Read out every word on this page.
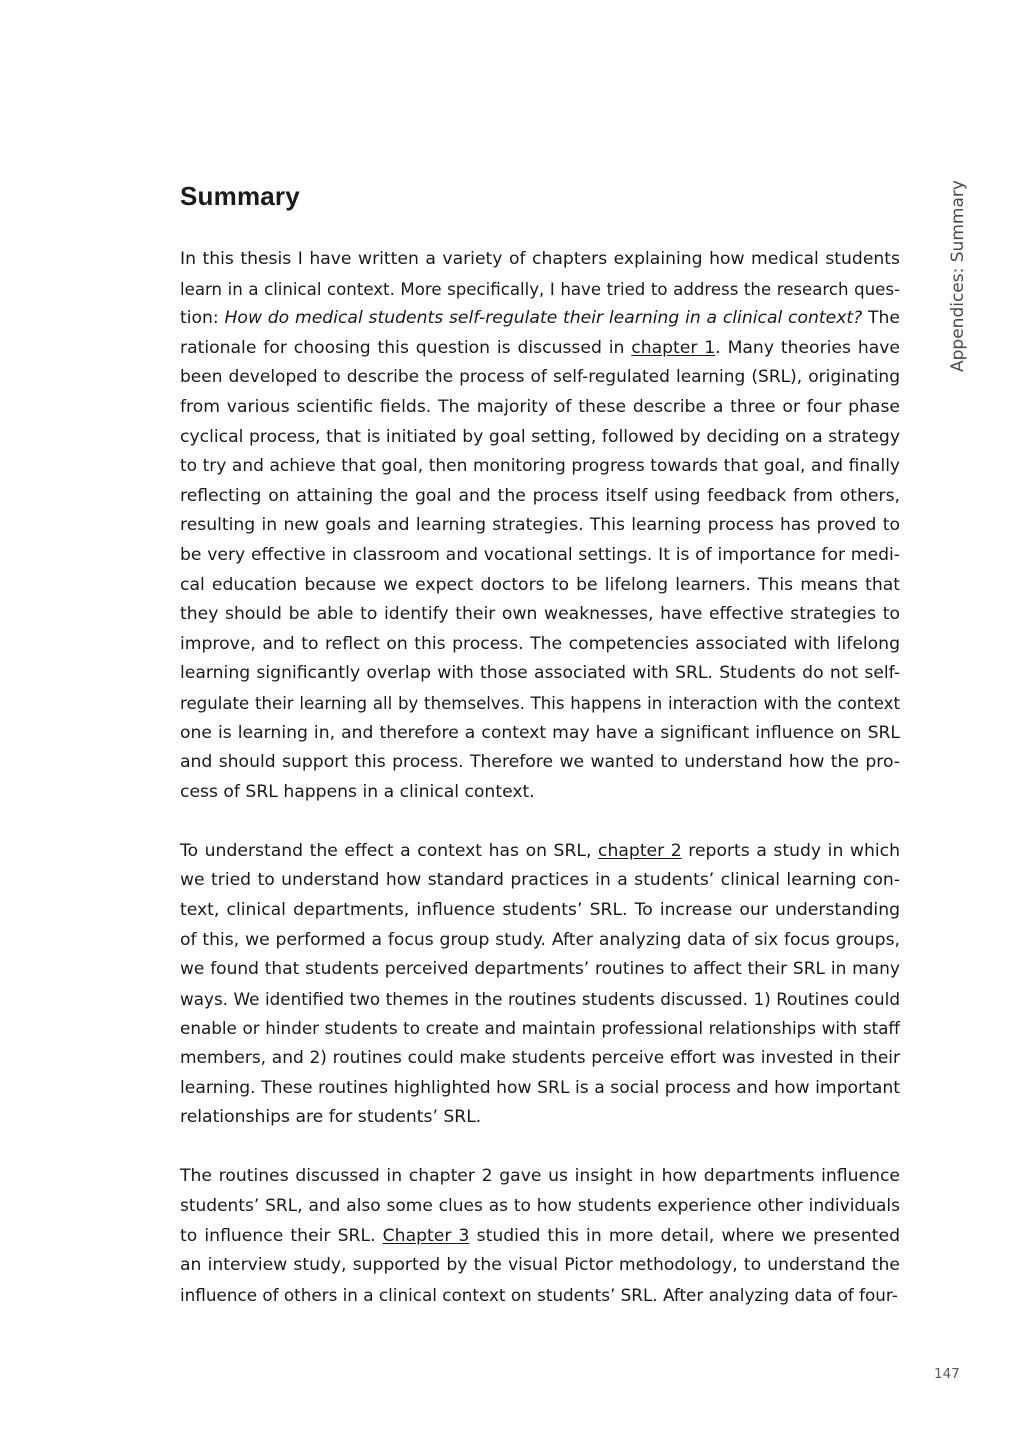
Summary	Appendices: Summary
In this thesis I have written a variety of chapters explaining how medical students
learn in a clinical context. More specifically, I have tried to address the research ques-
tion: How do medical students self-regulate their learning in a clinical context? The
rationale for choosing this question is discussed in chapter 1. Many theories have
been developed to describe the process of self-regulated learning (SRL), originating
from various scientific fields. The majority of these describe a three or four phase
cyclical process, that is initiated by goal setting, followed by deciding on a strategy
to try and achieve that goal, then monitoring progress towards that goal, and finally
reflecting on attaining the goal and the process itself using feedback from others,
resulting in new goals and learning strategies. This learning process has proved to
be very effective in classroom and vocational settings. It is of importance for medi-
cal education because we expect doctors to be lifelong learners. This means that
they should be able to identify their own weaknesses, have effective strategies to
improve, and to reflect on this process. The competencies associated with lifelong
learning significantly overlap with those associated with SRL. Students do not self-
regulate their learning all by themselves. This happens in interaction with the context
one is learning in, and therefore a context may have a significant influence on SRL
and should support this process. Therefore we wanted to understand how the pro-
cess of SRL happens in a clinical context.
To understand the effect a context has on SRL, chapter 2 reports a study in which
we tried to understand how standard practices in a students’ clinical learning con-
text, clinical departments, influence students’ SRL. To increase our understanding
of this, we performed a focus group study. After analyzing data of six focus groups,
we found that students perceived departments’ routines to affect their SRL in many
ways. We identified two themes in the routines students discussed. 1) Routines could
enable or hinder students to create and maintain professional relationships with staff
members, and 2) routines could make students perceive effort was invested in their
learning. These routines highlighted how SRL is a social process and how important
relationships are for students’ SRL.
The routines discussed in chapter 2 gave us insight in how departments influence
students’ SRL, and also some clues as to how students experience other individuals
to influence their SRL. Chapter 3 studied this in more detail, where we presented
an interview study, supported by the visual Pictor methodology, to understand the
influence of others in a clinical context on students’ SRL. After analyzing data of four-
147
